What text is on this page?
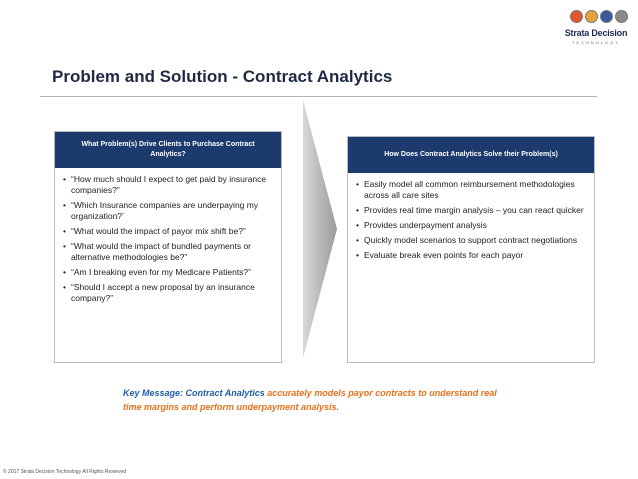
Strata Decision
TECHNOLOGY
Problem and Solution - Contract Analytics
What Problem(s) Drive Clients to Purchase Contract Analytics?
• “How much should I expect to get paid by insurance companies?”
• “Which Insurance companies are underpaying my organization?’
• “What would the impact of payor mix shift be?”
• “What would the impact of bundled payments or alternative methodologies be?”
• “Am I breaking even for my Medicare Patients?”
• “Should I accept a new proposal by an insurance company?”
How Does Contract Analytics Solve their Problem(s)
• Easily model all common reimbursement methodologies across all care sites
• Provides real time margin analysis – you can react quicker
• Provides underpayment analysis
• Quickly model scenarios to support contract negotiations
• Evaluate break even points for each payor
Key Message: Contract Analytics accurately models payor contracts to understand real time margins and perform underpayment analysis.
© 2017 Strata Decision Technology All Rights Reserved
